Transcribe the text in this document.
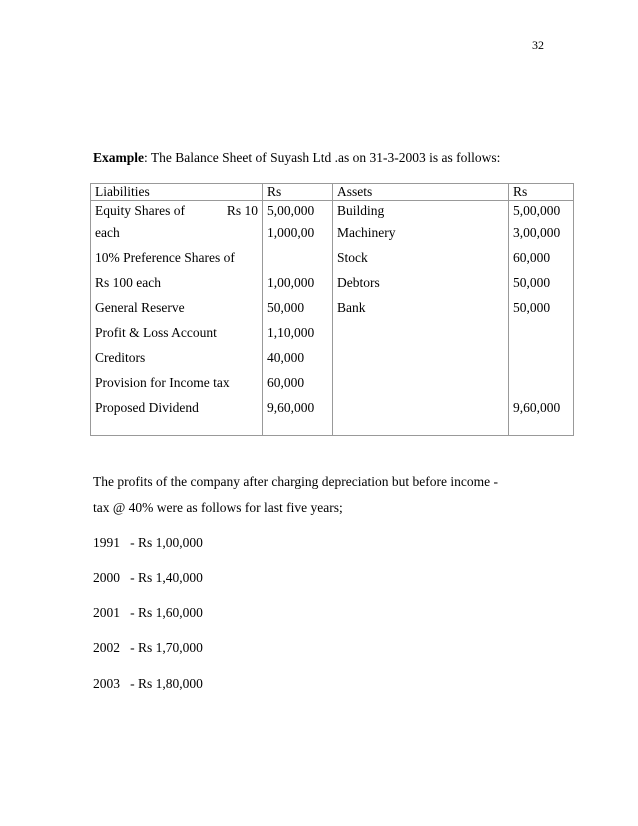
32
Example: The Balance Sheet of Suyash Ltd .as on 31-3-2003 is as follows:
Liabilities	Rs	Assets	Rs

Equity Shares of Rs 10	5,00,000	Building	5,00,000
each	1,000,00	Machinery	3,00,000
10% Preference Shares of		Stock	60,000
Rs 100 each	1,00,000	Debtors	50,000
General Reserve	50,000	Bank	50,000
Profit & Loss Account	1,10,000		
Creditors	40,000		
Provision for Income tax	60,000		
Proposed Dividend	9,60,000		9,60,000
The profits of the company after charging depreciation but before income -
tax @ 40% were as follows for last five years;
1991   - Rs 1,00,000
2000   - Rs 1,40,000
2001   - Rs 1,60,000
2002   - Rs 1,70,000
2003   - Rs 1,80,000
